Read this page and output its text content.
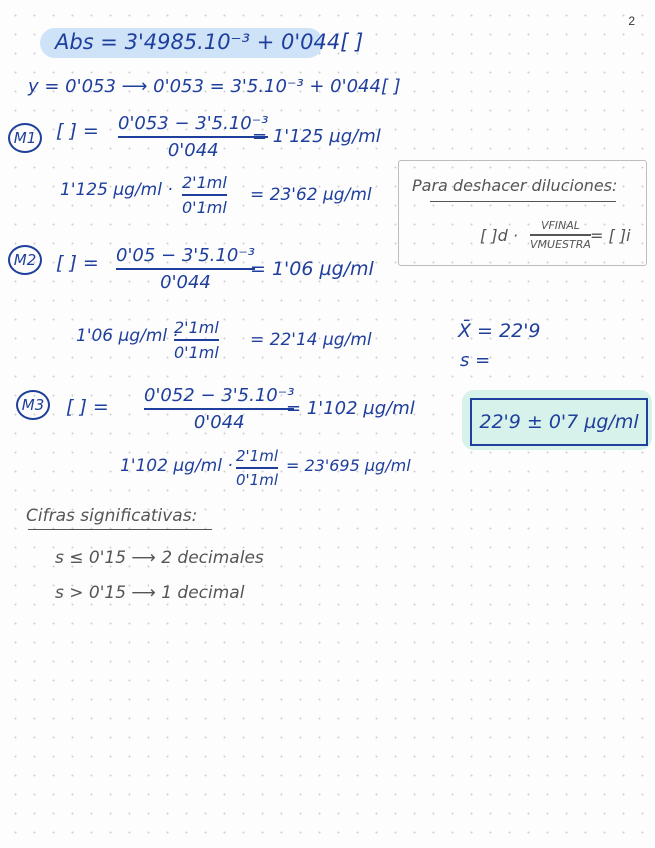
2
Abs = 3'4985.10⁻³ + 0'044[ ]
y = 0'053 ⟶ 0'053 = 3'5.10⁻³ + 0'044[ ]
M1	[ ] = 0'053 − 3'5.10⁻³
0'044
= 1'125 µg/ml
1'125 µg/ml · 2'1ml
0'1ml
= 23'62 µg/ml
M2	[ ] = 0'05 − 3'5.10⁻³
0'044
= 1'06 µg/ml
1'06 µg/ml ·
2'1ml
0'1ml
= 22'14 µg/ml
M3	[ ] =
0'052 − 3'5.10⁻³
0'044
= 1'102 µg/ml
1'102 µg/ml · 2'1ml
0'1ml
= 23'695 µg/ml
Para deshacer diluciones:
[ ]d ·
VFINAL
VMUESTRA = [ ]i
X̄ = 22'9
s =
22'9 ± 0'7 µg/ml
Cifras significativas:
s ≤ 0'15 ⟶ 2 decimales
s > 0'15 ⟶ 1 decimal
